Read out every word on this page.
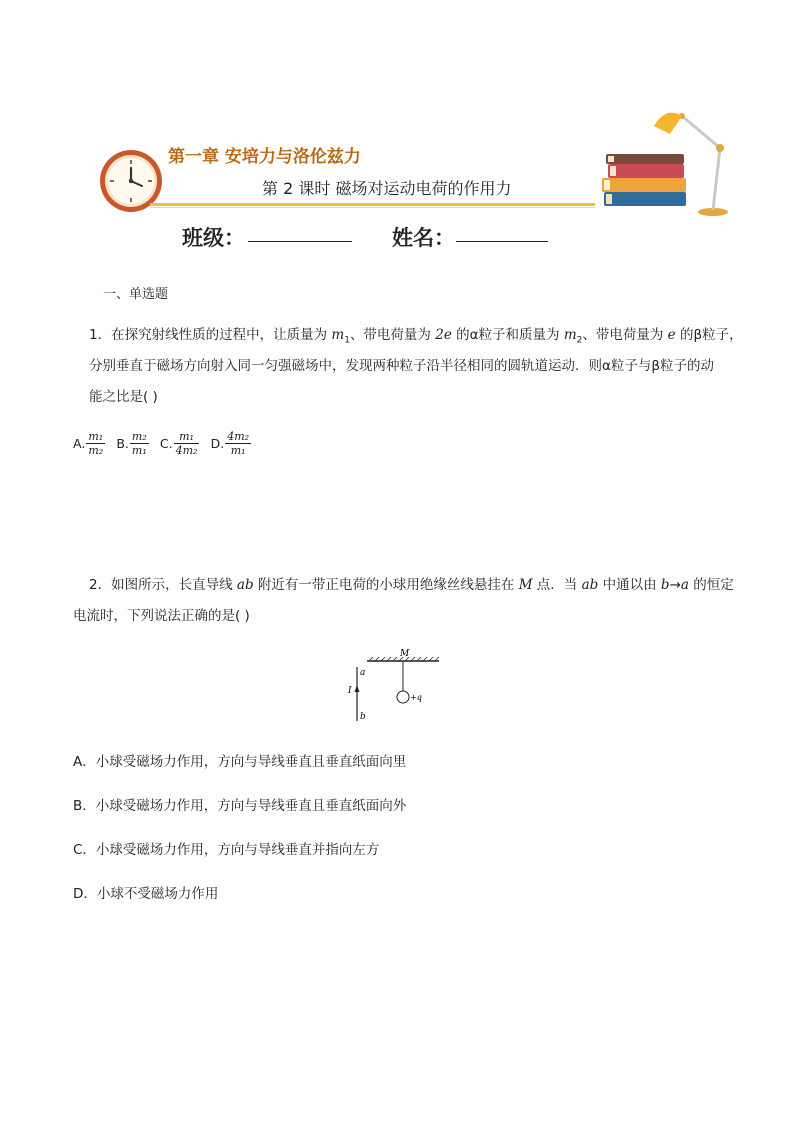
第一章 安培力与洛伦兹力
第 2 课时 磁场对运动电荷的作用力
班级：	姓名：
一、单选题
1．在探究射线性质的过程中，让质量为 $m_1$、带电荷量为 2e 的α粒子和质量为 $m_2$、带电荷量为 e 的β粒子，
分别垂直于磁场方向射入同一匀强磁场中，发现两种粒子沿半径相同的圆轨道运动．则α粒子与β粒子的动
能之比是( )
A. $\frac{\text{m₁}}{\text{m₂}} B$. $\frac{\text{m₂}}{\text{m₁}} C$. $\frac{\text{m₁}}{\text{4m₂}} D$. $\frac{\text{4m₂}}{\text{m₁}}$
2．如图所示，长直导线 ab 附近有一带正电荷的小球用绝缘丝线悬挂在 M 点．当 ab 中通以由 b→a 的恒定
电流时，下列说法正确的是( )
M
a
b
I
+q
A．小球受磁场力作用，方向与导线垂直且垂直纸面向里
B．小球受磁场力作用，方向与导线垂直且垂直纸面向外
C．小球受磁场力作用，方向与导线垂直并指向左方
D．小球不受磁场力作用
